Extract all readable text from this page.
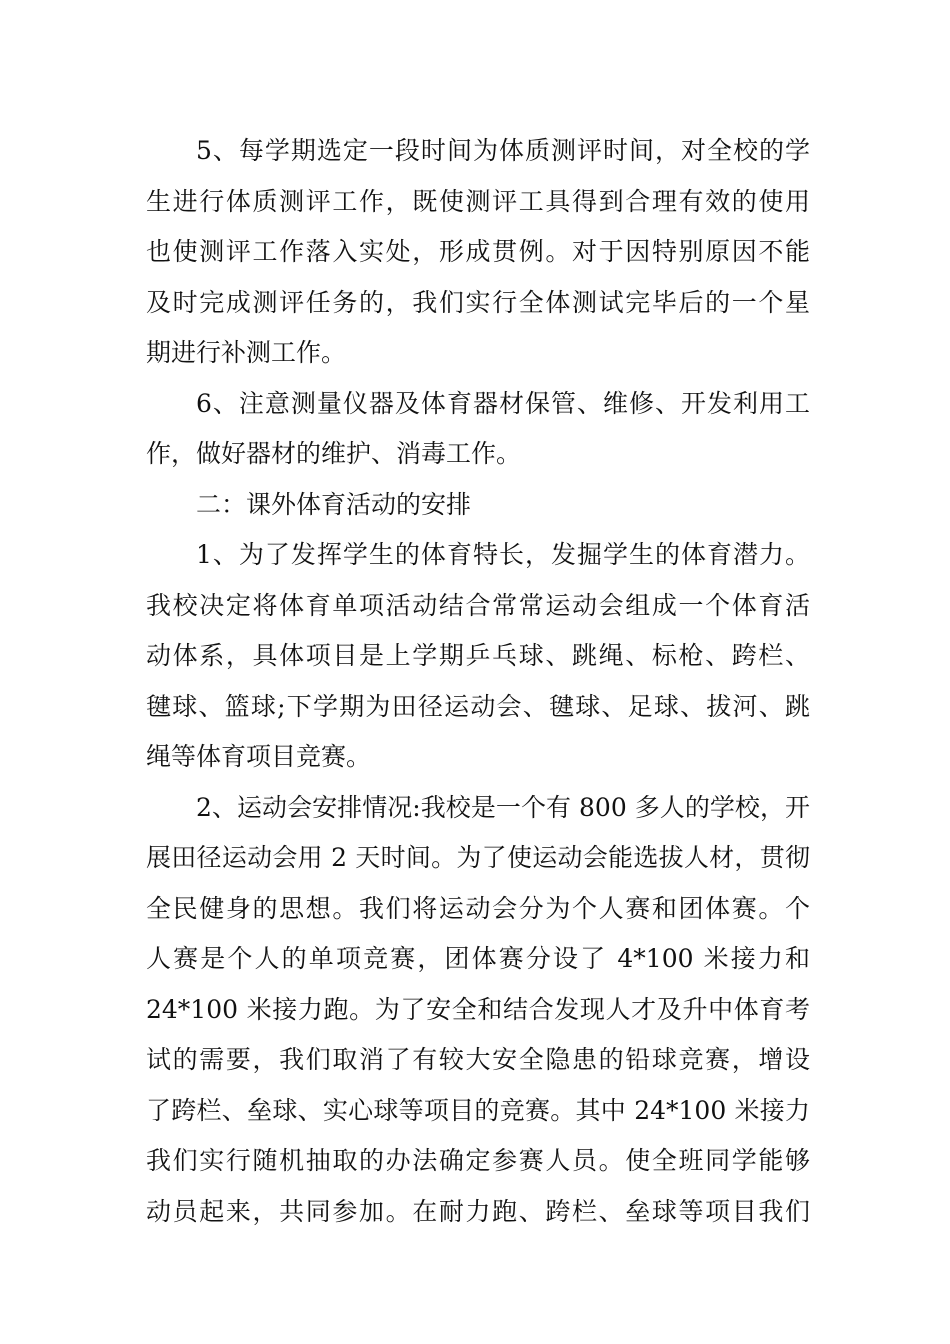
5、每学期选定一段时间为体质测评时间，对全校的学
生进行体质测评工作，既使测评工具得到合理有效的使用
也使测评工作落入实处，形成贯例。对于因特别原因不能
及时完成测评任务的，我们实行全体测试完毕后的一个星
期进行补测工作。
6、注意测量仪器及体育器材保管、维修、开发利用工
作，做好器材的维护、消毒工作。
二：课外体育活动的安排
1、为了发挥学生的体育特长，发掘学生的体育潜力。
我校决定将体育单项活动结合常常运动会组成一个体育活
动体系，具体项目是上学期乒乓球、跳绳、标枪、跨栏、
毽球、篮球;下学期为田径运动会、毽球、足球、拔河、跳
绳等体育项目竞赛。
2、运动会安排情况:我校是一个有 800 多人的学校，开
展田径运动会用 2 天时间。为了使运动会能选拔人材，贯彻
全民健身的思想。我们将运动会分为个人赛和团体赛。个
人赛是个人的单项竞赛，团体赛分设了 4*100 米接力和
24*100 米接力跑。为了安全和结合发现人才及升中体育考
试的需要，我们取消了有较大安全隐患的铅球竞赛，增设
了跨栏、垒球、实心球等项目的竞赛。其中 24*100 米接力
我们实行随机抽取的办法确定参赛人员。使全班同学能够
动员起来，共同参加。在耐力跑、跨栏、垒球等项目我们
